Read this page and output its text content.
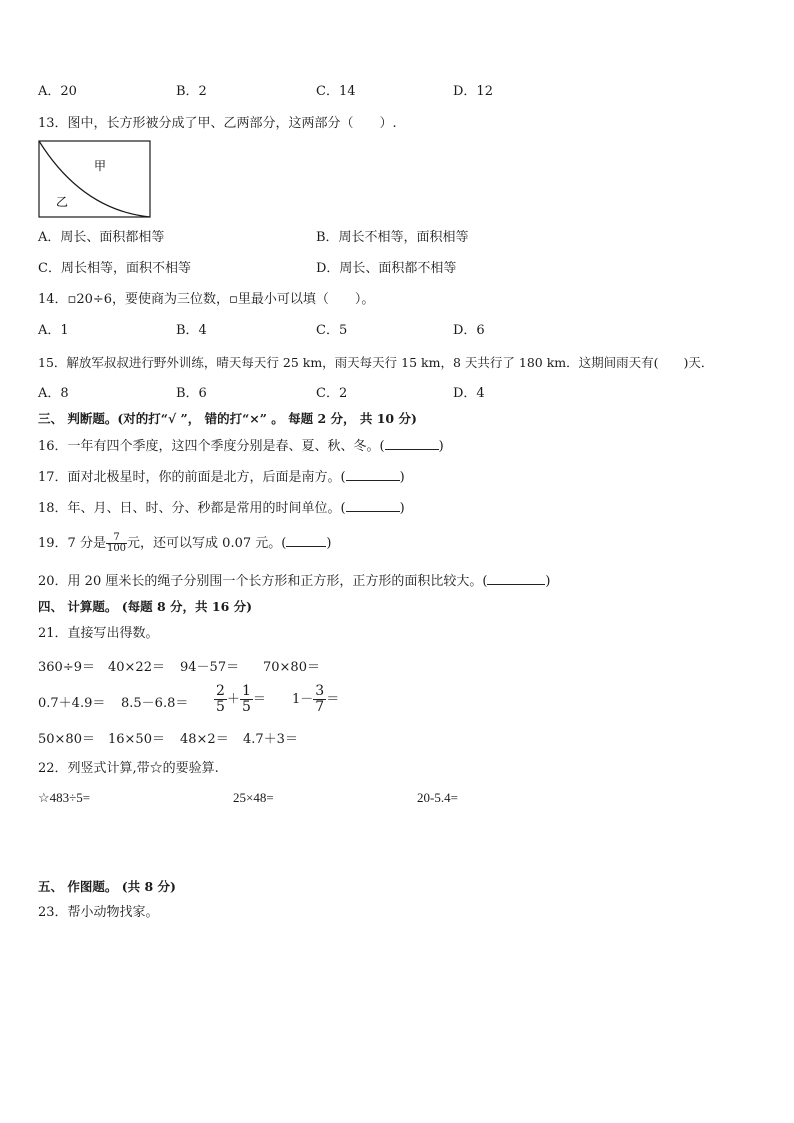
A．20	B．2	C．14	D．12
13．图中，长方形被分成了甲、乙两部分，这两部分（　　）.
甲
乙
A．周长、面积都相等	B．周长不相等，面积相等
C．周长相等，面积不相等	D．周长、面积都不相等
14．▫20÷6，要使商为三位数，▫里最小可以填（　　）。
A．1	B．4	C．5	D．6
15．解放军叔叔进行野外训练，晴天每天行 25 km，雨天每天行 15 km，8 天共行了 180 km．这期间雨天有(　　)天．
A．8	B．6	C．2	D．4
三、 判断题。(对的打“√ ”， 错的打“×” 。 每题 2 分， 共 10 分)
16．一年有四个季度，这四个季度分别是春、夏、秋、冬。(	)
17．面对北极星时，你的前面是北方，后面是南方。(	)
18．年、月、日、时、分、秒都是常用的时间单位。(	)
19．7 分是 $\frac{7}{100}$ 元，还可以写成 0.07 元。(	)
20．用 20 厘米长的绳子分别围一个长方形和正方形，正方形的面积比较大。(	)
四、 计算题。 (每题 8 分，共 16 分)
21．直接写出得数。
360÷9＝ 40×22＝ 94－57＝ 70×80＝
$0.7+4.9= 8.5-6.8= \frac{2}{5} + \frac{1}{5} = 1- \frac{3}{7}$ ＝
50×80＝ 16×50＝ 48×2＝ 4.7＋3＝
22．列竖式计算,带☆的要验算.
☆483÷5=	25×48=	20-5.4=
五、 作图题。 (共 8 分)
23．帮小动物找家。
